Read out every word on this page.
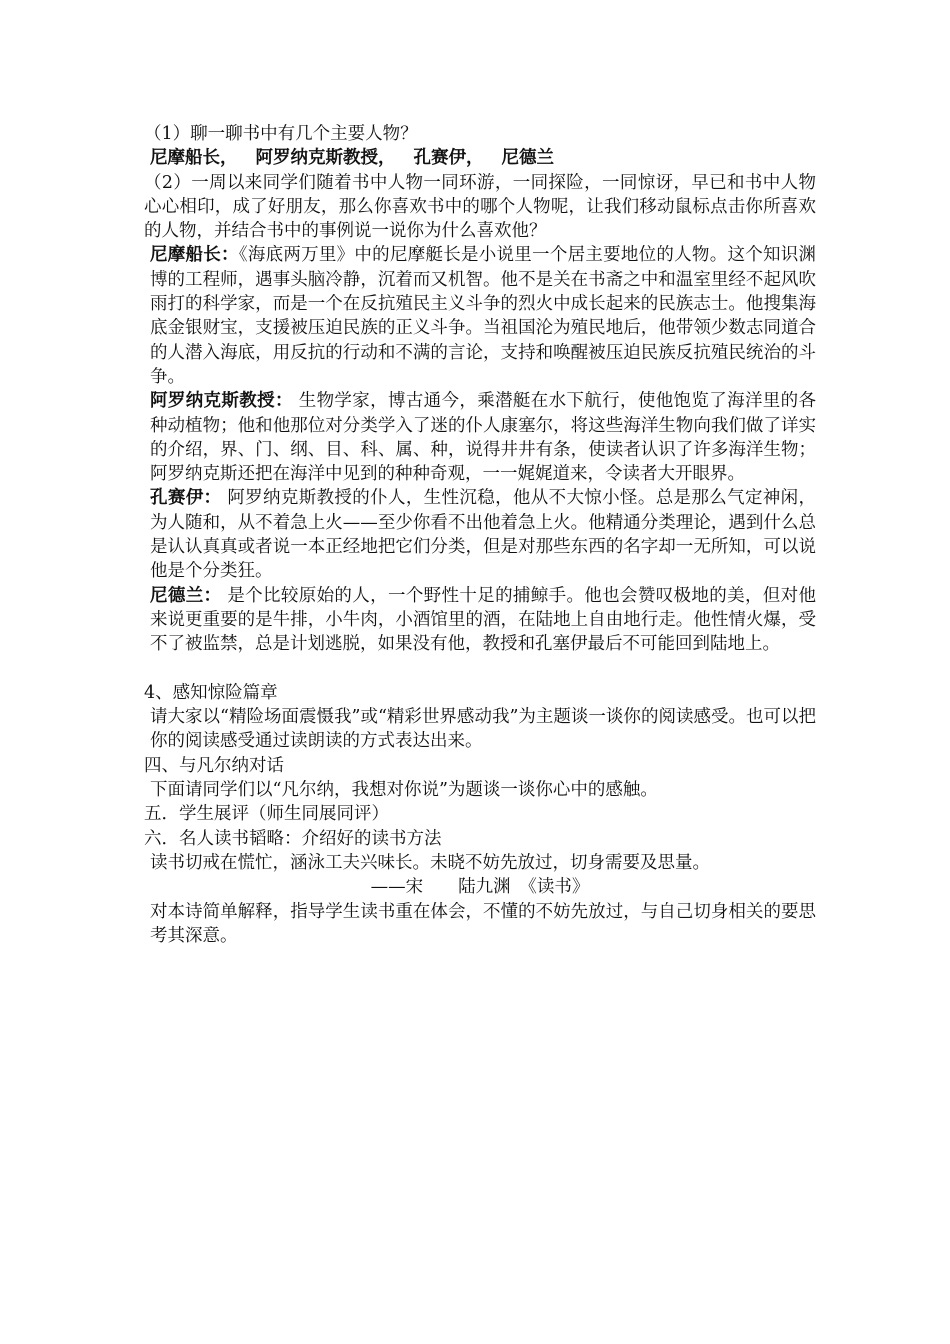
（1）聊一聊书中有几个主要人物？

尼摩船长， 阿罗纳克斯教授， 孔赛伊， 尼德兰

（2）一周以来同学们随着书中人物一同环游，一同探险，一同惊讶，早已和书中人物心心相印，成了好朋友，那么你喜欢书中的哪个人物呢，让我们移动鼠标点击你所喜欢的人物，并结合书中的事例说一说你为什么喜欢他？

尼摩船长：《海底两万里》中的尼摩艇长是小说里一个居主要地位的人物。这个知识渊博的工程师，遇事头脑冷静，沉着而又机智。他不是关在书斋之中和温室里经不起风吹雨打的科学家，而是一个在反抗殖民主义斗争的烈火中成长起来的民族志士。他搜集海底金银财宝，支援被压迫民族的正义斗争。当祖国沦为殖民地后，他带领少数志同道合的人潜入海底，用反抗的行动和不满的言论，支持和唤醒被压迫民族反抗殖民统治的斗争。

阿罗纳克斯教授： 生物学家，博古通今，乘潜艇在水下航行，使他饱览了海洋里的各种动植物；他和他那位对分类学入了迷的仆人康塞尔，将这些海洋生物向我们做了详实的介绍，界、门、纲、目、科、属、种，说得井井有条，使读者认识了许多海洋生物；阿罗纳克斯还把在海洋中见到的种种奇观，一一娓娓道来，令读者大开眼界。

孔赛伊： 阿罗纳克斯教授的仆人，生性沉稳，他从不大惊小怪。总是那么气定神闲，为人随和，从不着急上火——至少你看不出他着急上火。他精通分类理论，遇到什么总是认认真真或者说一本正经地把它们分类，但是对那些东西的名字却一无所知，可以说他是个分类狂。

尼德兰： 是个比较原始的人，一个野性十足的捕鲸手。他也会赞叹极地的美，但对他来说更重要的是牛排，小牛肉，小酒馆里的酒，在陆地上自由地行走。他性情火爆，受不了被监禁，总是计划逃脱，如果没有他，教授和孔塞伊最后不可能回到陆地上。

4、感知惊险篇章

请大家以“精险场面震慑我”或“精彩世界感动我”为主题谈一谈你的阅读感受。也可以把你的阅读感受通过读朗读的方式表达出来。

四、与凡尔纳对话

下面请同学们以“凡尔纳，我想对你说”为题谈一谈你心中的感触。

五．学生展评（师生同展同评）

六．名人读书韬略：介绍好的读书方法

读书切戒在慌忙，涵泳工夫兴味长。未晓不妨先放过，切身需要及思量。

——宋　　陆九渊　《读书》

对本诗简单解释，指导学生读书重在体会，不懂的不妨先放过，与自己切身相关的要思考其深意。
